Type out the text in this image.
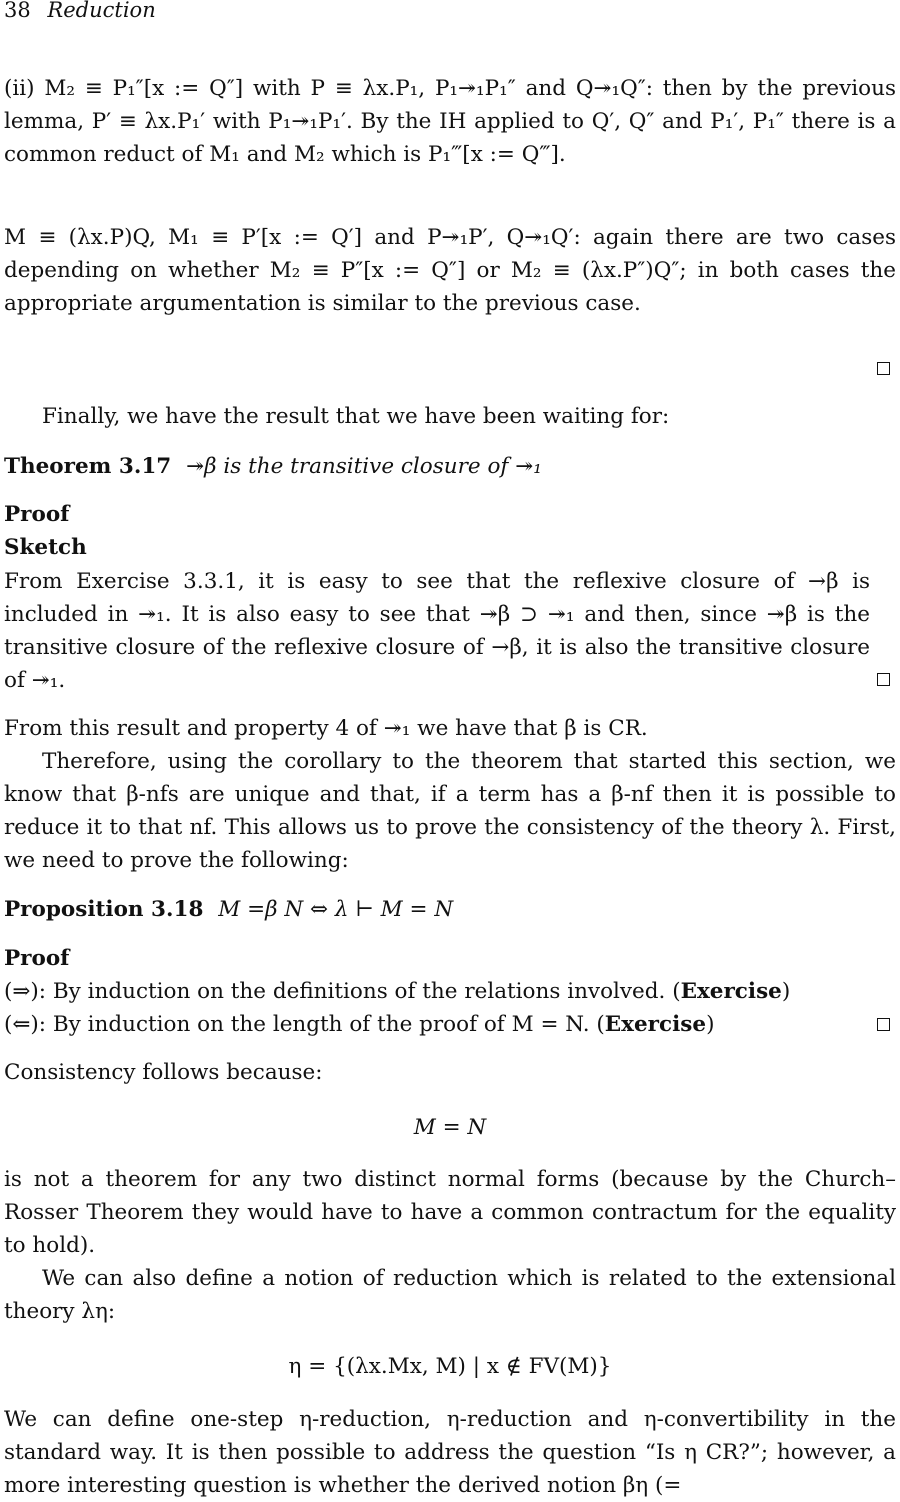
38 Reduction

(ii) M₂ ≡ P₁″[x := Q″] with P ≡ λx.P₁, P₁↠₁P₁″ and Q↠₁Q″: then by the previous lemma, P′ ≡ λx.P₁′ with P₁↠₁P₁′. By the IH applied to Q′, Q″ and P₁′, P₁″ there is a common reduct of M₁ and M₂ which is P₁‴[x := Q‴].

M ≡ (λx.P)Q, M₁ ≡ P′[x := Q′] and P↠₁P′, Q↠₁Q′: again there are two cases depending on whether M₂ ≡ P″[x := Q″] or M₂ ≡ (λx.P″)Q″; in both cases the appropriate argumentation is similar to the previous case.

Finally, we have the result that we have been waiting for:

Theorem 3.17 ↠β is the transitive closure of ↠₁

Proof

Sketch

From Exercise 3.3.1, it is easy to see that the reflexive closure of →β is included in ↠₁. It is also easy to see that ↠β ⊃ ↠₁ and then, since ↠β is the transitive closure of the reflexive closure of →β, it is also the transitive closure of ↠₁.

From this result and property 4 of ↠₁ we have that β is CR.

Therefore, using the corollary to the theorem that started this section, we know that β-nfs are unique and that, if a term has a β-nf then it is possible to reduce it to that nf. This allows us to prove the consistency of the theory λ. First, we need to prove the following:

Proposition 3.18 M =β N ⇔ λ ⊢ M = N

Proof

(⇒): By induction on the definitions of the relations involved. (Exercise)

(⇐): By induction on the length of the proof of M = N. (Exercise)

Consistency follows because:

M = N

is not a theorem for any two distinct normal forms (because by the Church–Rosser Theorem they would have to have a common contractum for the equality to hold).

We can also define a notion of reduction which is related to the extensional theory λη:

η = {(λx.Mx, M) | x ∉ FV(M)}

We can define one-step η-reduction, η-reduction and η-convertibility in the standard way. It is then possible to address the question “Is η CR?”; however, a more interesting question is whether the derived notion βη (=
